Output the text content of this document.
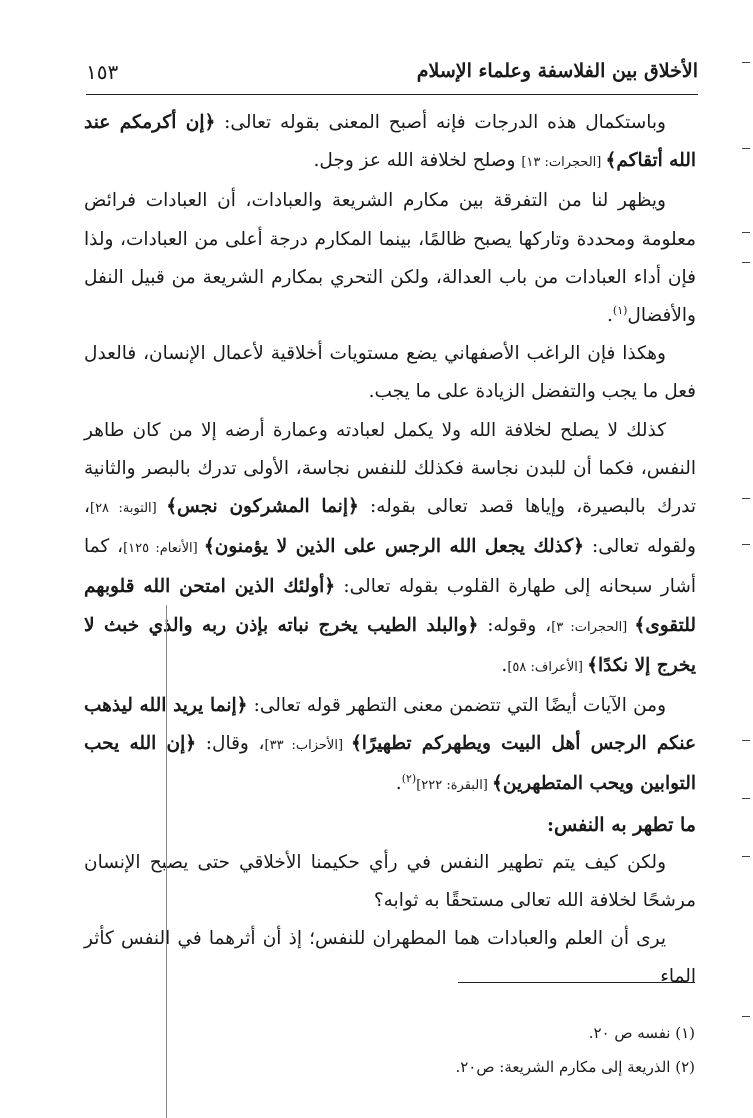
الأخلاق بين الفلاسفة وعلماء الإسلام
١٥٣

وباستكمال هذه الدرجات فإنه أصبح المعنى بقوله تعالى: ﴿إن أكرمكم عند الله أتقاكم﴾ [الحجرات: ١٣] وصلح لخلافة الله عز وجل.

ويظهر لنا من التفرقة بين مكارم الشريعة والعبادات، أن العبادات فرائض معلومة ومحددة وتاركها يصبح ظالمًا، بينما المكارم درجة أعلى من العبادات، ولذا فإن أداء العبادات من باب العدالة، ولكن التحري بمكارم الشريعة من قبيل النفل والأفضال$^{(١)}$.

وهكذا فإن الراغب الأصفهاني يضع مستويات أخلاقية لأعمال الإنسان، فالعدل فعل ما يجب والتفضل الزيادة على ما يجب.

كذلك لا يصلح لخلافة الله ولا يكمل لعبادته وعمارة أرضه إلا من كان طاهر النفس، فكما أن للبدن نجاسة فكذلك للنفس نجاسة، الأولى تدرك بالبصر والثانية تدرك بالبصيرة، وإياها قصد تعالى بقوله: ﴿إنما المشركون نجس﴾ [التوبة: ٢٨]، ولقوله تعالى: ﴿كذلك يجعل الله الرجس على الذين لا يؤمنون﴾ [الأنعام: ١٢٥]، كما أشار سبحانه إلى طهارة القلوب بقوله تعالى: ﴿أولئك الذين امتحن الله قلوبهم للتقوى﴾ [الحجرات: ٣]، وقوله: ﴿والبلد الطيب يخرج نباته بإذن ربه والذي خبث لا يخرج إلا نكدًا﴾ [الأعراف: ٥٨].

ومن الآيات أيضًا التي تتضمن معنى التطهر قوله تعالى: ﴿إنما يريد الله ليذهب عنكم الرجس أهل البيت ويطهركم تطهيرًا﴾ [الأحزاب: ٣٣]، وقال: ﴿إن الله يحب التوابين ويحب المتطهرين﴾ [البقرة: ٢٢٢]$^{(٢)}$.

ما تطهر به النفس:

ولكن كيف يتم تطهير النفس في رأي حكيمنا الأخلاقي حتى يصبح الإنسان مرشحًا لخلافة الله تعالى مستحقًا به ثوابه؟

يرى أن العلم والعبادات هما المطهران للنفس؛ إذ أن أثرهما في النفس كأثر الماء

(١) نفسه ص ٢٠.
(٢) الذريعة إلى مكارم الشريعة: ص٢٠.
